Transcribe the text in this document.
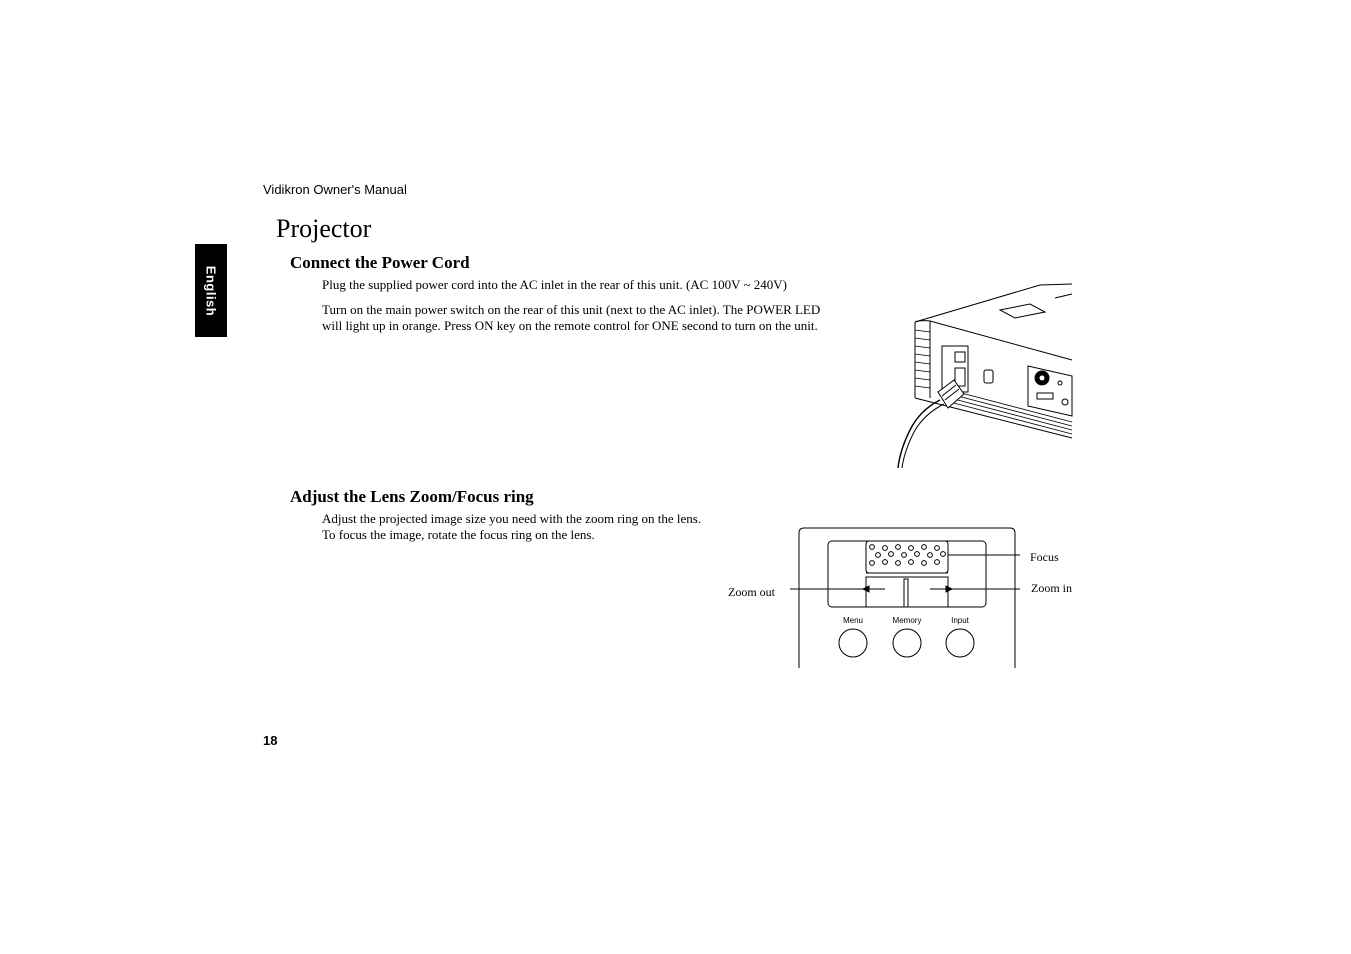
Vidikron Owner's Manual
English
Projector
Connect the Power Cord
Plug the supplied power cord into the AC inlet in the rear of this unit. (AC 100V ~ 240V)
Turn on the main power switch on the rear of this unit (next to the AC inlet). The POWER LED
will light up in orange. Press ON key on the remote control for ONE second to turn on the unit.
Adjust the Lens Zoom/Focus ring
Adjust the projected image size you need with the zoom ring on the lens.
To focus the image, rotate the focus ring on the lens.
Menu	Memory	Input
Focus
Zoom out	Zoom in
18
